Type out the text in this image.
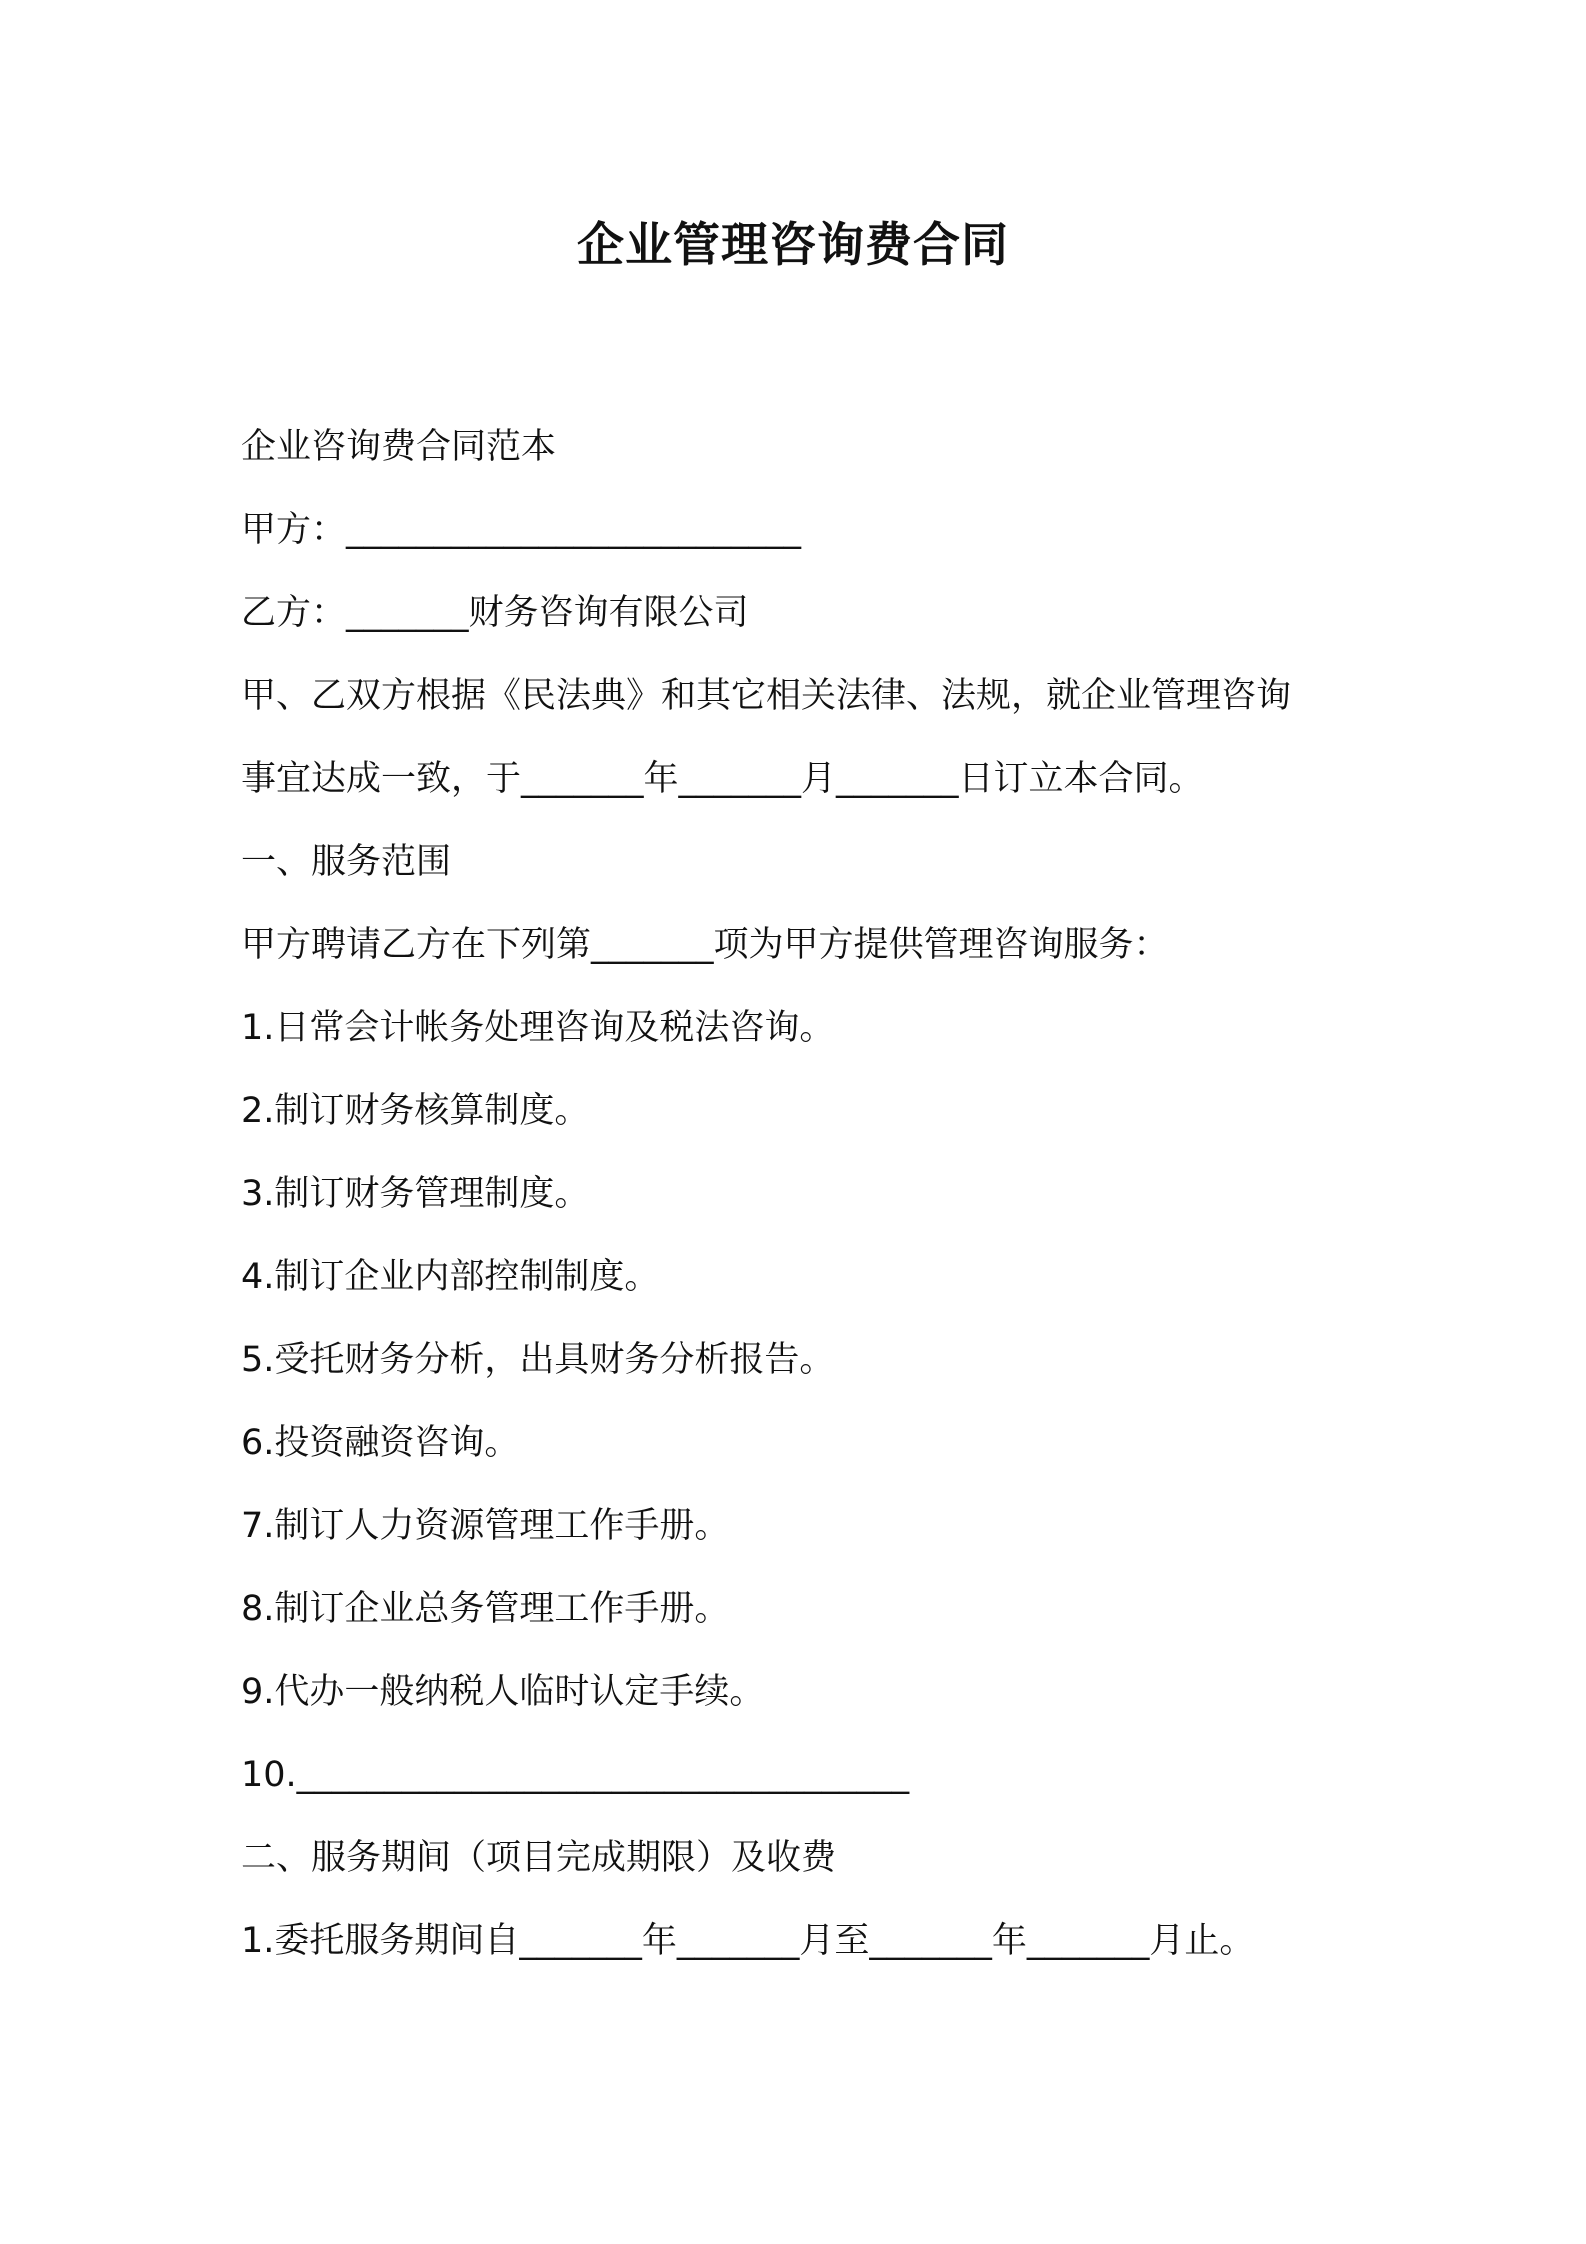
企业管理咨询费合同
企业咨询费合同范本
甲方：__________________________
乙方：_______财务咨询有限公司
甲、乙双方根据《民法典》和其它相关法律、法规，就企业管理咨询
事宜达成一致，于_______年_______月_______日订立本合同。
一、服务范围
甲方聘请乙方在下列第_______项为甲方提供管理咨询服务：
1.日常会计帐务处理咨询及税法咨询。
2.制订财务核算制度。
3.制订财务管理制度。
4.制订企业内部控制制度。
5.受托财务分析，出具财务分析报告。
6.投资融资咨询。
7.制订人力资源管理工作手册。
8.制订企业总务管理工作手册。
9.代办一般纳税人临时认定手续。
10.___________________________________
二、服务期间（项目完成期限）及收费
1.委托服务期间自_______年_______月至_______年_______月止。
